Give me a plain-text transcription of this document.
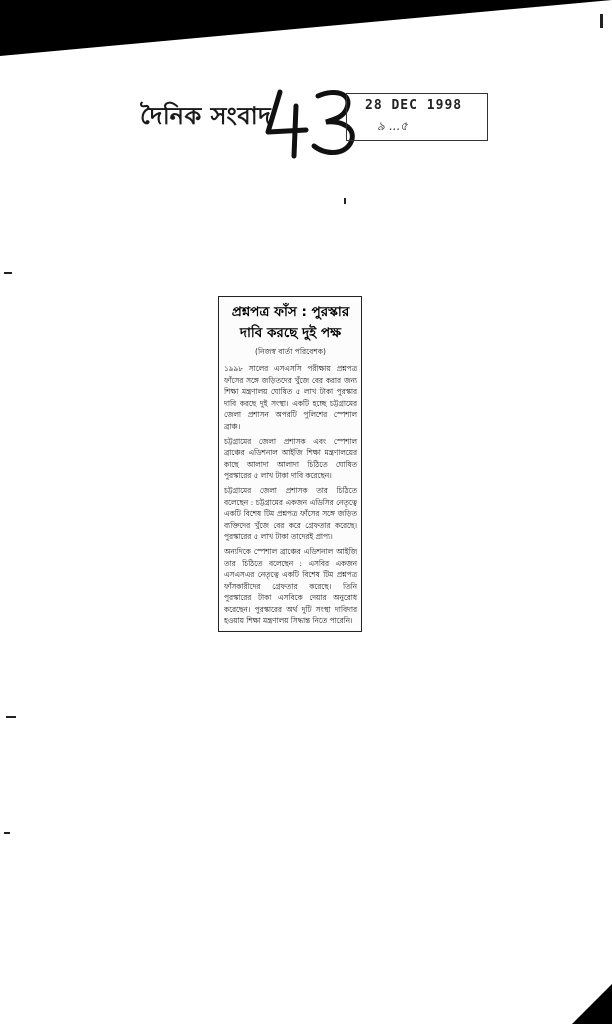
দৈনিক সংবাদ	28 DEC 1998
৯ ...৫
প্রশ্নপত্র ফাঁস : পুরস্কার দাবি করছে দুই পক্ষ
(নিজস্ব বার্তা পরিবেশক)

১৯৯৮ সালের এসএসসি পরীক্ষায় প্রশ্নপত্র ফাঁসের সঙ্গে জড়িতদের খুঁজে বের করার জন্য শিক্ষা মন্ত্রণালয় ঘোষিত ৫ লাখ টাকা পুরস্কার দাবি করছে দুই সংস্থা। একটি হচ্ছে চট্টগ্রামের জেলা প্রশাসন অপরটি পুলিশের স্পেশাল ব্রাঞ্চ।

চট্টগ্রামের জেলা প্রশাসক এবং স্পেশাল ব্রাঞ্চের এডিশনাল আইজি শিক্ষা মন্ত্রণালয়ের কাছে আলাদা আলাদা চিঠিতে ঘোষিত পুরস্কারের ৫ লাখ টাকা দাবি করেছেন।

চট্টগ্রামের জেলা প্রশাসক তার চিঠিতে বলেছেন : চট্টগ্রামের একজন এডিসির নেতৃত্বে একটি বিশেষ টিম প্রশ্নপত্র ফাঁসের সঙ্গে জড়িত ব্যক্তিদের খুঁজে বের করে গ্রেফতার করেছে। পুরস্কারের ৫ লাখ টাকা তাদেরই প্রাপ্য।

অন্যদিকে স্পেশাল ব্রাঞ্চের এডিশনাল আইজি তার চিঠিতে বলেছেন : এসবির একজন এসএসএর নেতৃত্বে একটি বিশেষ টিম প্রশ্নপত্র ফাঁসকারীদের গ্রেফতার করেছে। তিনি পুরস্কারের টাকা এসবিকে দেয়ার অনুরোধ করেছেন। পুরস্কারের অর্থ দুটি সংস্থা দাবিদার হওয়ায় শিক্ষা মন্ত্রণালয় সিদ্ধান্ত নিতে পারেনি।
